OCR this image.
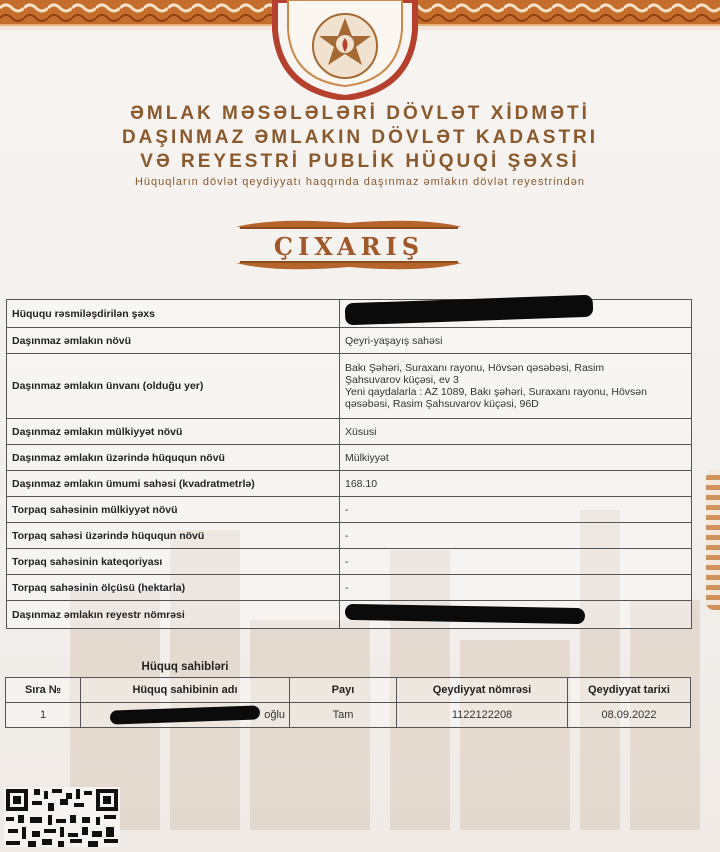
ƏMLAK MƏSƏLƏLƏRİ DÖVLƏT XİDMƏTİ
DAŞINMAZ ƏMLAKIN DÖVLƏT KADASTRI
VƏ REYESTRİ PUBLİK HÜQUQİ ŞƏXSİ
Hüquqların dövlət qeydiyyatı haqqında daşınmaz əmlakın dövlət reyestrindən
ÇIXARIŞ
Hüququ rəsmiləşdirilən şəxs	
Daşınmaz əmlakın növü	Qeyri-yaşayış sahəsi
Daşınmaz əmlakın ünvanı (olduğu yer)	Bakı Şəhəri, Suraxanı rayonu, Hövsən qəsəbəsi, Rasim
Şahsuvarov küçəsi, ev 3
Yeni qaydalarla : AZ 1089, Bakı şəhəri, Suraxanı rayonu, Hövsən
qəsəbəsi, Rasim Şahsuvarov küçəsi, 96D

Daşınmaz əmlakın mülkiyyət növü	Xüsusi
Daşınmaz əmlakın üzərində hüququn növü	Mülkiyyət
Daşınmaz əmlakın ümumi sahəsi (kvadratmetrlə)	168.10
Torpaq sahəsinin mülkiyyət növü	-
Torpaq sahəsi üzərində hüququn növü	-
Torpaq sahəsinin kateqoriyası	-
Torpaq sahəsinin ölçüsü (hektarla)	-
Daşınmaz əmlakın reyestr nömrəsi	
Hüquq sahibləri
Sıra №	Hüquq sahibinin adı	Payı	Qeydiyyat nömrəsi	Qeydiyyat tarixi
1	oğlu	Tam	1122122208	08.09.2022
